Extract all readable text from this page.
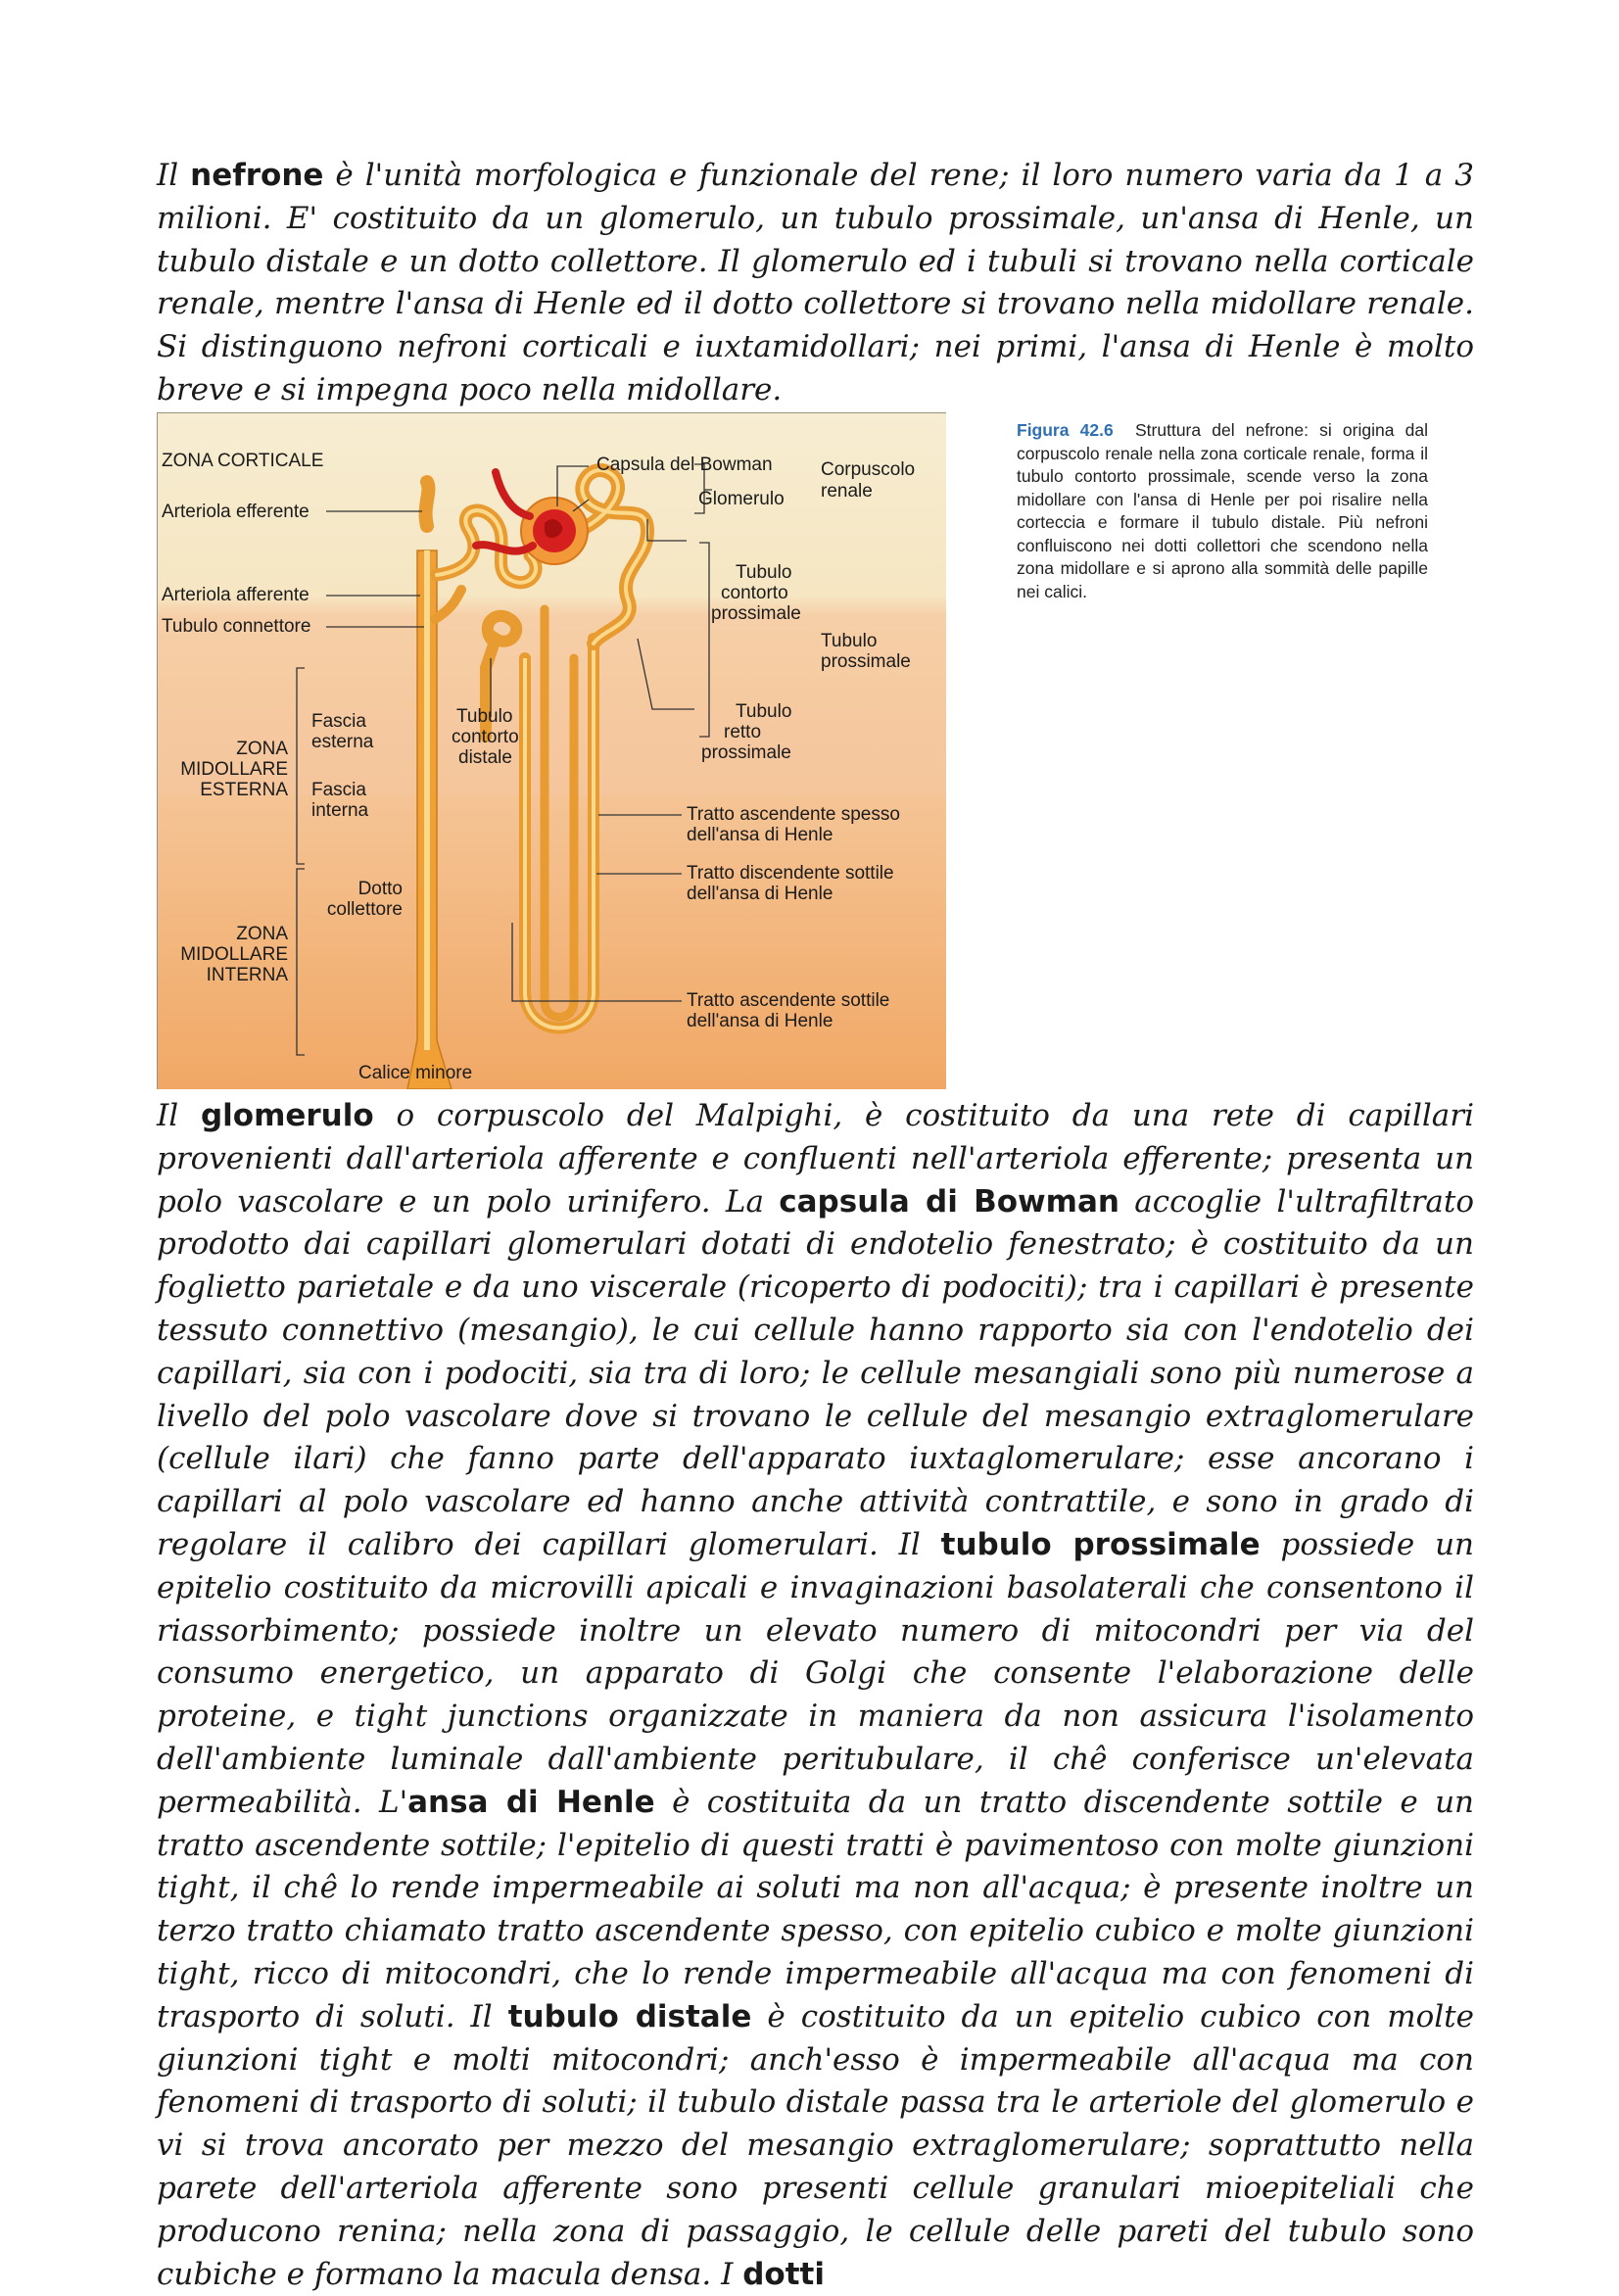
Il nefrone è l'unità morfologica e funzionale del rene; il loro numero varia da 1 a 3 milioni. E' costituito da un glomerulo, un tubulo prossimale, un'ansa di Henle, un tubulo distale e un dotto collettore. Il glomerulo ed i tubuli si trovano nella corticale renale, mentre l'ansa di Henle ed il dotto collettore si trovano nella midollare renale. Si distinguono nefroni corticali e iuxtamidollari; nei primi, l'ansa di Henle è molto breve e si impegna poco nella midollare.

ZONA CORTICALE
Arteriola efferente
Arteriola afferente
Tubulo connettore
Capsula del Bowman
Glomerulo
Corpuscolo
renale
Tubulo
contorto
prossimale
Tubulo
prossimale
Tubulo
retto
prossimale
Tubulo
contorto
distale
Fascia
esterna
Fascia
interna
ZONA
MIDOLLARE
ESTERNA
ZONA
MIDOLLARE
INTERNA
Dotto
collettore
Tratto ascendente spesso
dell'ansa di Henle
Tratto discendente sottile
dell'ansa di Henle
Tratto ascendente sottile
dell'ansa di Henle
Calice minore
Figura 42.6 Struttura del nefrone: si origina dal corpuscolo renale nella zona corticale renale, forma il tubulo contorto prossimale, scende verso la zona midollare con l'ansa di Henle per poi risalire nella corteccia e formare il tubulo distale. Più nefroni confluiscono nei dotti collettori che scendono nella zona midollare e si aprono alla sommità delle papille nei calici.

Il glomerulo o corpuscolo del Malpighi, è costituito da una rete di capillari provenienti dall'arteriola afferente e confluenti nell'arteriola efferente; presenta un polo vascolare e un polo urinifero. La capsula di Bowman accoglie l'ultrafiltrato prodotto dai capillari glomerulari dotati di endotelio fenestrato; è costituito da un foglietto parietale e da uno viscerale (ricoperto di podociti); tra i capillari è presente tessuto connettivo (mesangio), le cui cellule hanno rapporto sia con l'endotelio dei capillari, sia con i podociti, sia tra di loro; le cellule mesangiali sono più numerose a livello del polo vascolare dove si trovano le cellule del mesangio extraglomerulare (cellule ilari) che fanno parte dell'apparato iuxtaglomerulare; esse ancorano i capillari al polo vascolare ed hanno anche attività contrattile, e sono in grado di regolare il calibro dei capillari glomerulari. Il tubulo prossimale possiede un epitelio costituito da microvilli apicali e invaginazioni basolaterali che consentono il riassorbimento; possiede inoltre un elevato numero di mitocondri per via del consumo energetico, un apparato di Golgi che consente l'elaborazione delle proteine, e tight junctions organizzate in maniera da non assicura l'isolamento dell'ambiente luminale dall'ambiente peritubulare, il chê conferisce un'elevata permeabilità. L'ansa di Henle è costituita da un tratto discendente sottile e un tratto ascendente sottile; l'epitelio di questi tratti è pavimentoso con molte giunzioni tight, il chê lo rende impermeabile ai soluti ma non all'acqua; è presente inoltre un terzo tratto chiamato tratto ascendente spesso, con epitelio cubico e molte giunzioni tight, ricco di mitocondri, che lo rende impermeabile all'acqua ma con fenomeni di trasporto di soluti. Il tubulo distale è costituito da un epitelio cubico con molte giunzioni tight e molti mitocondri; anch'esso è impermeabile all'acqua ma con fenomeni di trasporto di soluti; il tubulo distale passa tra le arteriole del glomerulo e vi si trova ancorato per mezzo del mesangio extraglomerulare; soprattutto nella parete dell'arteriola afferente sono presenti cellule granulari mioepiteliali che producono renina; nella zona di passaggio, le cellule delle pareti del tubulo sono cubiche e formano la macula densa. I dotti
